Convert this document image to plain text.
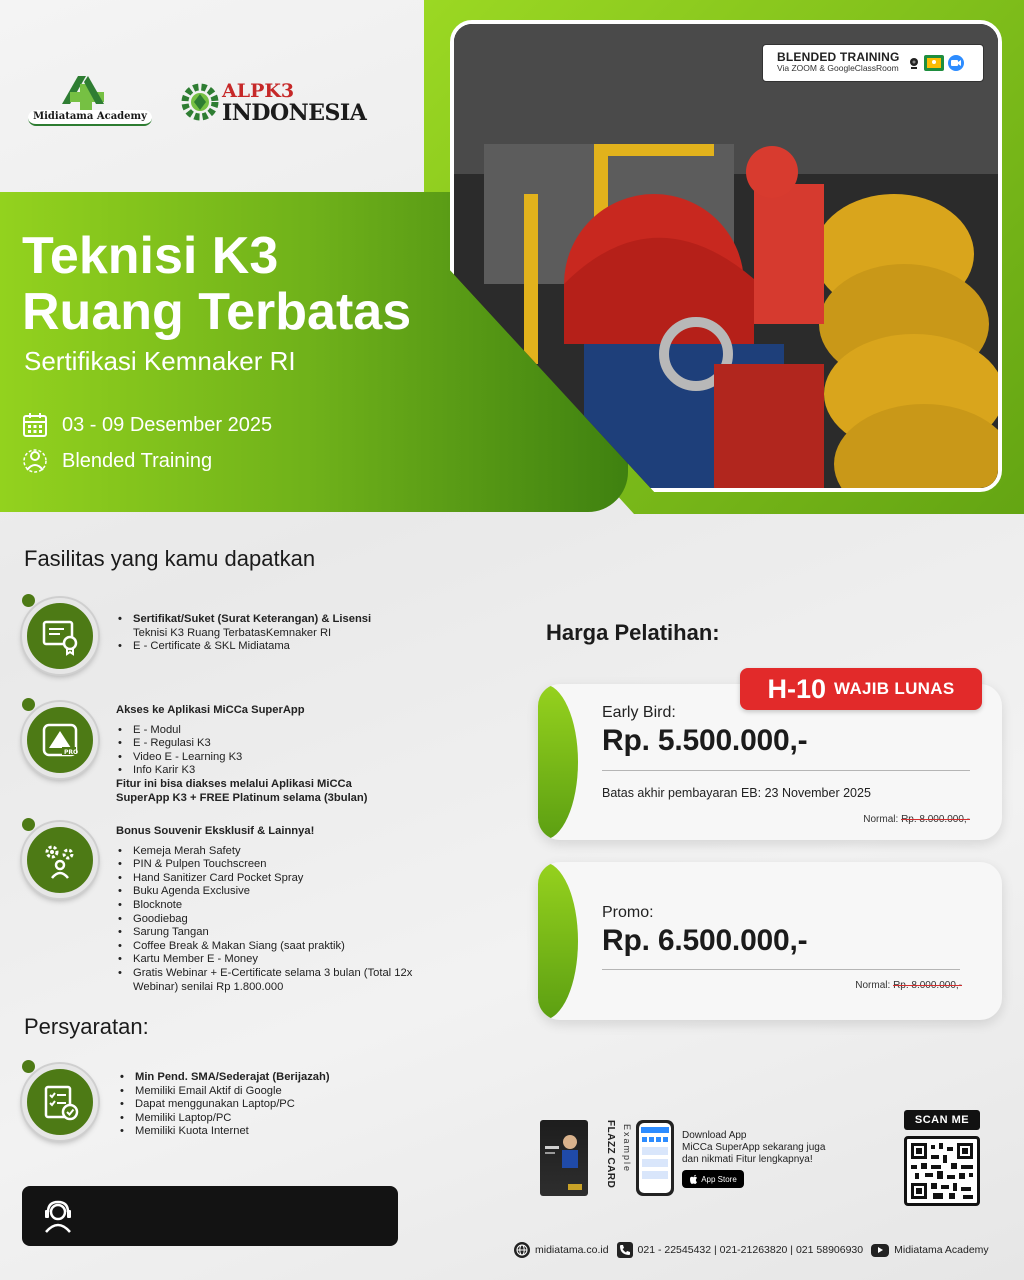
Midiatama Academy
ALPK3
INDONESIA
BLENDED TRAINING
Via ZOOM & GoogleClassRoom
Teknisi K3
Ruang Terbatas
Sertifikasi Kemnaker RI
03 - 09 Desember 2025
Blended Training
Fasilitas yang kamu dapatkan
• Sertifikat/Suket (Surat Keterangan) & Lisensi
Teknisi K3 Ruang TerbatasKemnaker RI
• E - Certificate & SKL Midiatama
PRO
Akses ke Aplikasi MiCCa SuperApp
• E - Modul
• E - Regulasi K3
• Video E - Learning K3
• Info Karir K3
Fitur ini bisa diakses melalui Aplikasi MiCCa
SuperApp K3 + FREE Platinum selama (3bulan)
Bonus Souvenir Eksklusif & Lainnya!
• Kemeja Merah Safety
• PIN & Pulpen Touchscreen
• Hand Sanitizer Card Pocket Spray
• Buku Agenda Exclusive
• Blocknote
• Goodiebag
• Sarung Tangan
• Coffee Break & Makan Siang (saat praktik)
• Kartu Member E - Money
• Gratis Webinar + E-Certificate selama 3 bulan (Total 12x
Webinar) senilai Rp 1.800.000
Persyaratan:
• Min Pend. SMA/Sederajat (Berijazah)
• Memiliki Email Aktif di Google
• Dapat menggunakan Laptop/PC
• Memiliki Laptop/PC
• Memiliki Kuota Internet
Harga Pelatihan:
Early Bird:
Rp. 5.500.000,-
Batas akhir pembayaran EB: 23 November 2025
Normal: Rp. 8.000.000,-
H-10 WAJIB LUNAS
Promo:
Rp. 6.500.000,-
Normal: Rp. 8.000.000,-
FLAZZ CARD Example	Download App
MiCCa SuperApp sekarang juga
dan nikmati Fitur lengkapnya!
App Store
SCAN ME
midiatama.co.id	021 - 22545432 | 021-21263820 | 021 58906930	Midiatama Academy
